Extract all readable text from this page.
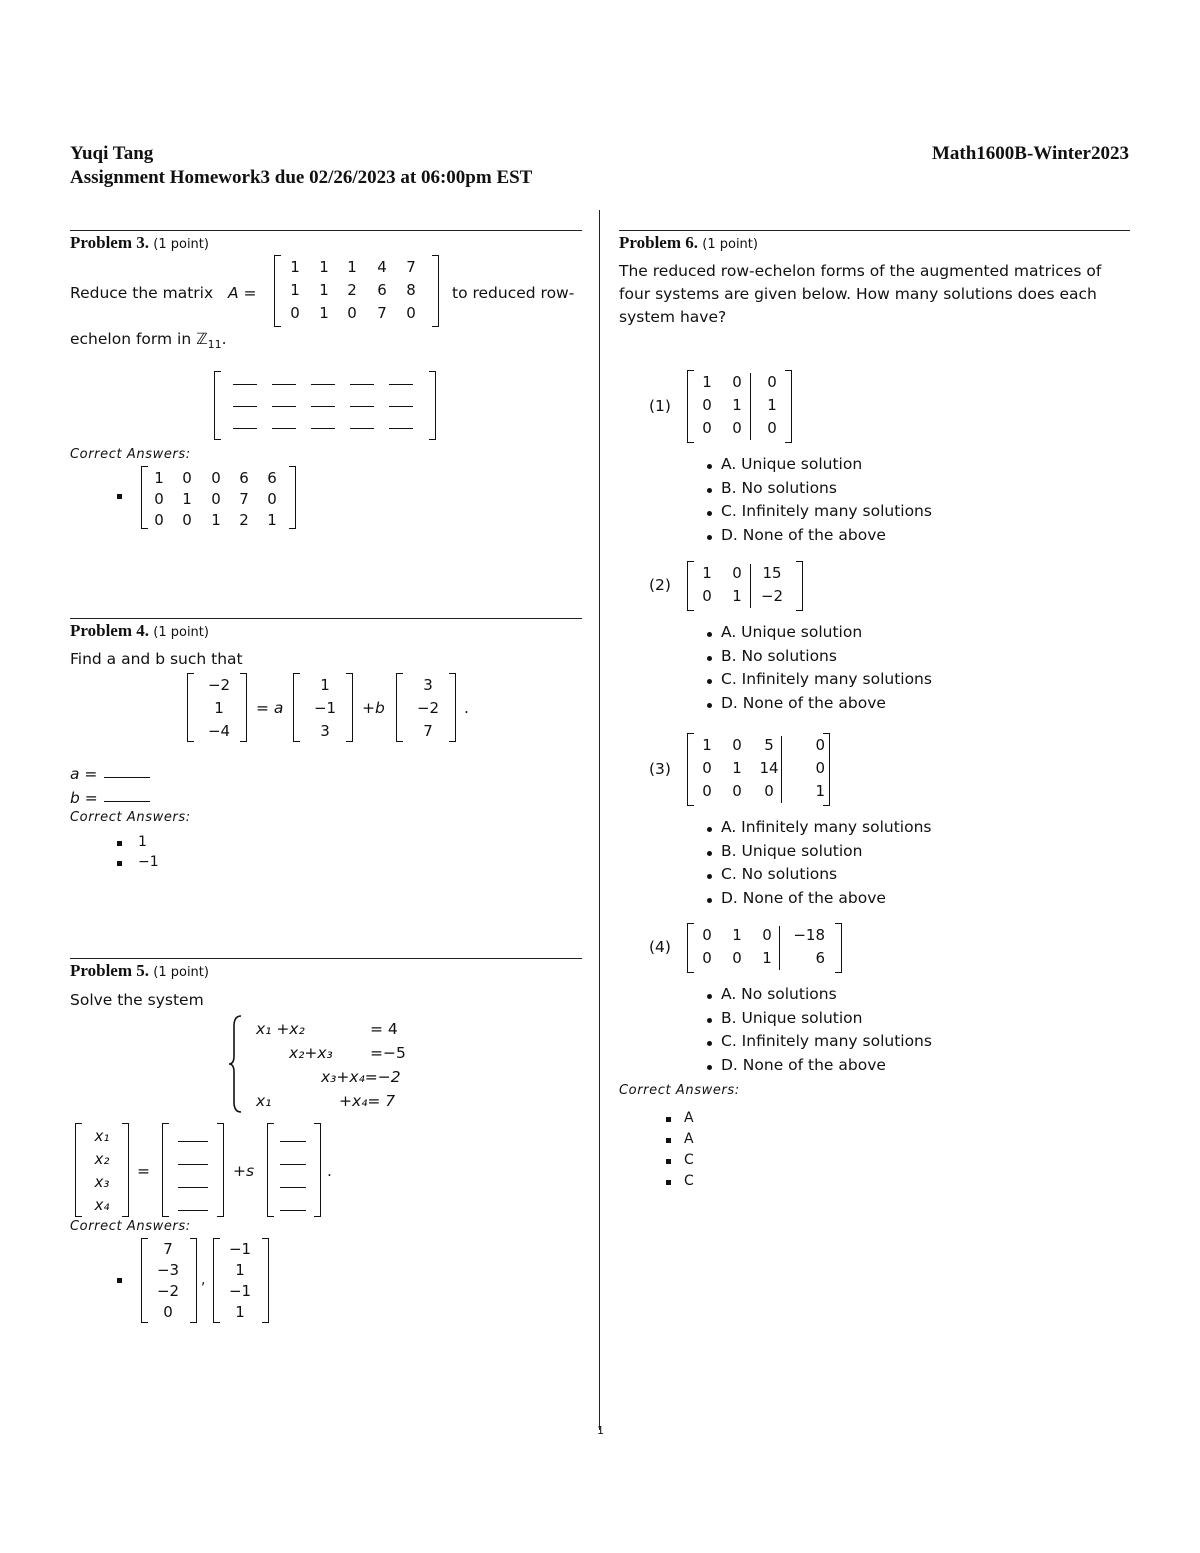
Yuqi Tang
Assignment Homework3 due 02/26/2023 at 06:00pm EST
Math1600B-Winter2023
Problem 3. (1 point)
Reduce the matrix A =
1	1	1	4	7
1	1	2	6	8
0	1	0	7	0
to reduced row-
echelon form in ℤ$_{11}$.
Correct Answers:
1	0	0	6	6
0	1	0	7	0
0	0	1	2	1
Problem 4. (1 point)
Find a and b such that
−2
1
−4
= a
1
−1
3
+b
3
−2
7
.
a =
b =
Correct Answers:
1
−1
Problem 5. (1 point)
Solve the system
x₁ +x₂	= 4
x₂+x₃ =−5
x₃+x₄=−2
x₁	+x₄= 7
x₁
x₂
x₃
x₄
=	+s	.
Correct Answers:
7
−3
−2
0
,
−1
1
−1
1
Problem 6. (1 point)
The reduced row-echelon forms of the augmented matrices of four systems are given below. How many solutions does each system have?
(1)
1	0	0
0	1	1
0	0	0
A. Unique solution
B. No solutions
C. Infinitely many solutions
D. None of the above
(2)
1	0	15
0	1	−2
A. Unique solution
B. No solutions
C. Infinitely many solutions
D. None of the above
(3)
1	0	5	0
0	1	14	0
0	0	0	1
A. Infinitely many solutions
B. Unique solution
C. No solutions
D. None of the above
(4)
0	1	0	−18
0	0	1	6
A. No solutions
B. Unique solution
C. Infinitely many solutions
D. None of the above
Correct Answers:
A
A
C
C
1
